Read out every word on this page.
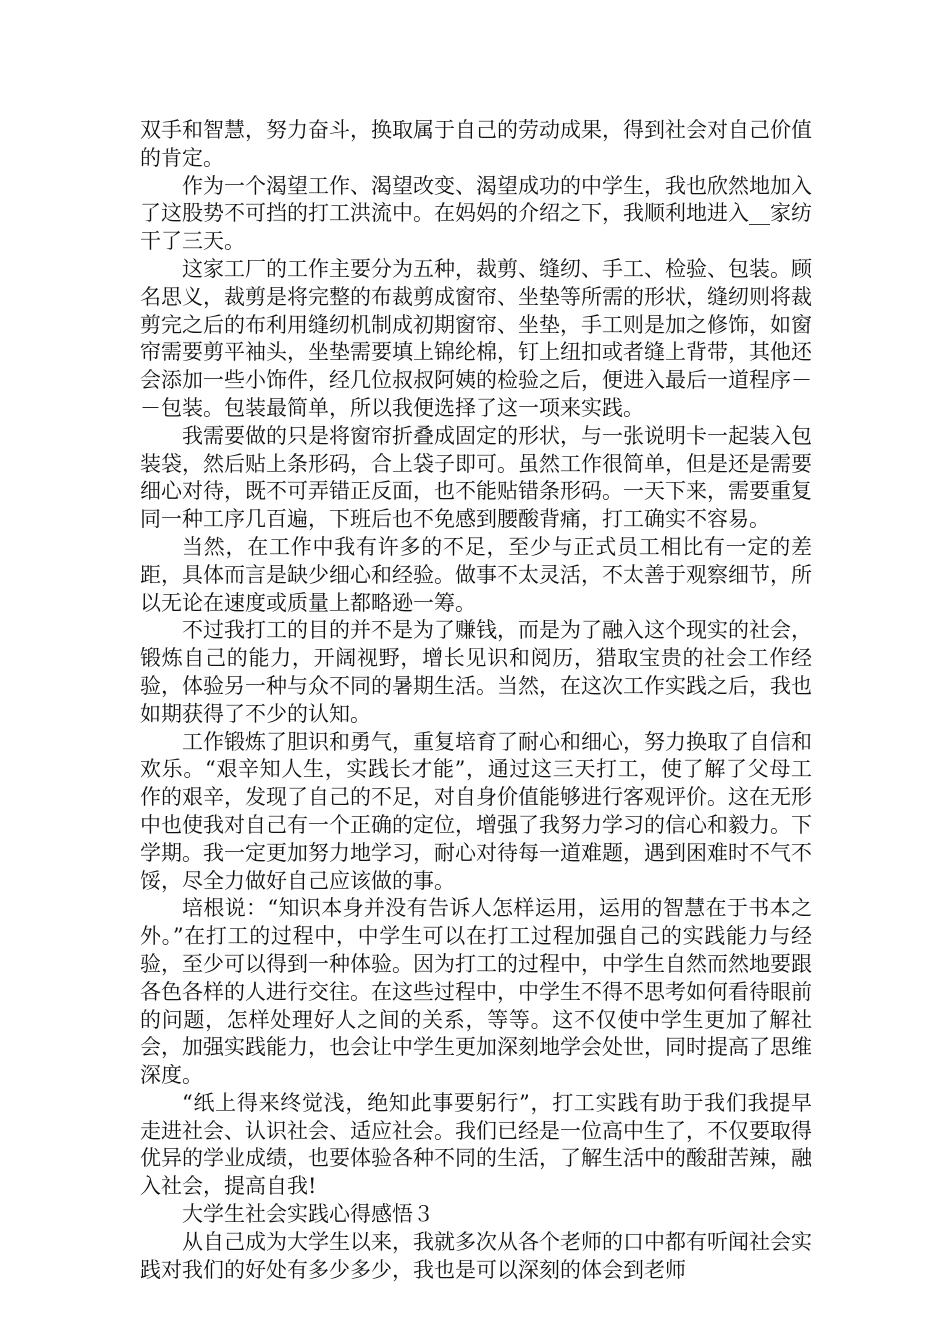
双手和智慧，努力奋斗，换取属于自己的劳动成果，得到社会对自己价值的肯定。

作为一个渴望工作、渴望改变、渴望成功的中学生，我也欣然地加入了这股势不可挡的打工洪流中。在妈妈的介绍之下，我顺利地进入__家纺干了三天。

这家工厂的工作主要分为五种，裁剪、缝纫、手工、检验、包装。顾名思义，裁剪是将完整的布裁剪成窗帘、坐垫等所需的形状，缝纫则将裁剪完之后的布利用缝纫机制成初期窗帘、坐垫，手工则是加之修饰，如窗帘需要剪平袖头，坐垫需要填上锦纶棉，钉上纽扣或者缝上背带，其他还会添加一些小饰件，经几位叔叔阿姨的检验之后，便进入最后一道程序－－包装。包装最简单，所以我便选择了这一项来实践。

我需要做的只是将窗帘折叠成固定的形状，与一张说明卡一起装入包装袋，然后贴上条形码，合上袋子即可。虽然工作很简单，但是还是需要细心对待，既不可弄错正反面，也不能贴错条形码。一天下来，需要重复同一种工序几百遍，下班后也不免感到腰酸背痛，打工确实不容易。

当然，在工作中我有许多的不足，至少与正式员工相比有一定的差距，具体而言是缺少细心和经验。做事不太灵活，不太善于观察细节，所以无论在速度或质量上都略逊一筹。

不过我打工的目的并不是为了赚钱，而是为了融入这个现实的社会，锻炼自己的能力，开阔视野，增长见识和阅历，猎取宝贵的社会工作经验，体验另一种与众不同的暑期生活。当然，在这次工作实践之后，我也如期获得了不少的认知。

工作锻炼了胆识和勇气，重复培育了耐心和细心，努力换取了自信和欢乐。“艰辛知人生，实践长才能”，通过这三天打工，使了解了父母工作的艰辛，发现了自己的不足，对自身价值能够进行客观评价。这在无形中也使我对自己有一个正确的定位，增强了我努力学习的信心和毅力。下学期。我一定更加努力地学习，耐心对待每一道难题，遇到困难时不气不馁，尽全力做好自己应该做的事。

培根说：“知识本身并没有告诉人怎样运用，运用的智慧在于书本之外。”在打工的过程中，中学生可以在打工过程加强自己的实践能力与经验，至少可以得到一种体验。因为打工的过程中，中学生自然而然地要跟各色各样的人进行交往。在这些过程中，中学生不得不思考如何看待眼前的问题，怎样处理好人之间的关系，等等。这不仅使中学生更加了解社会，加强实践能力，也会让中学生更加深刻地学会处世，同时提高了思维深度。

“纸上得来终觉浅，绝知此事要躬行”，打工实践有助于我们我提早走进社会、认识社会、适应社会。我们已经是一位高中生了，不仅要取得优异的学业成绩，也要体验各种不同的生活，了解生活中的酸甜苦辣，融入社会，提高自我!

大学生社会实践心得感悟３

从自己成为大学生以来，我就多次从各个老师的口中都有听闻社会实践对我们的好处有多少多少，我也是可以深刻的体会到老师
